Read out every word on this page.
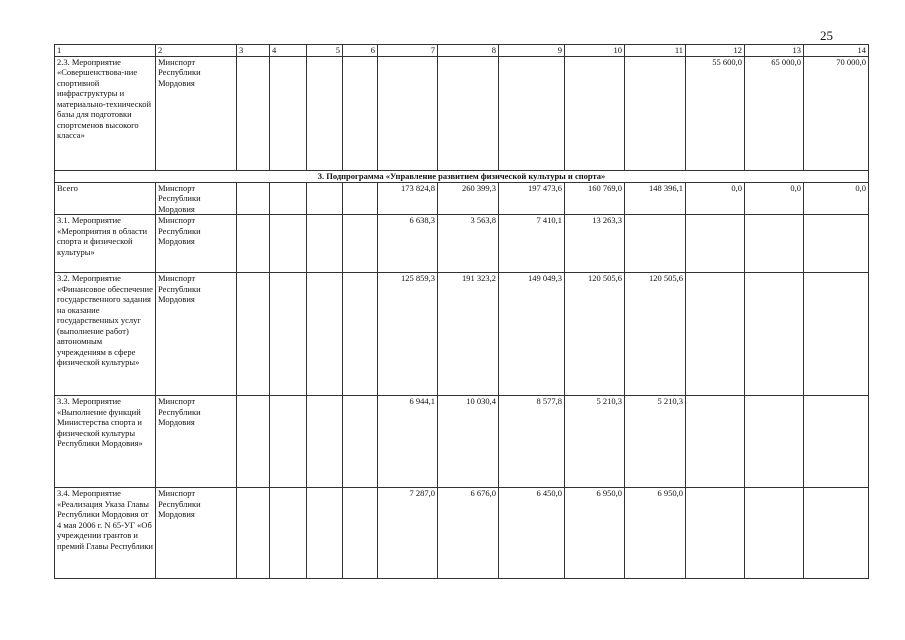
25
1	2	3	4	5	6	7	8	9	10	11	12	13	14
2.3. Мероприятие «Совершенствова-ние спортивной инфраструктуры и материально-технической базы для подготовки спортсменов высокого класса»	Минспорт Республики Мордовия										55 600,0	65 000,0	70 000,0
3. Подпрограмма «Управление развитием физической культуры и спорта»													
Всего	Минспорт Республики Мордовия					173 824,8	260 399,3	197 473,6	160 769,0	148 396,1	0,0	0,0	0,0
3.1. Мероприятие «Мероприятия в области спорта и физической культуры»	Минспорт Республики Мордовия					6 638,3	3 563,8	7 410,1	13 263,3				
3.2. Мероприятие «Финансовое обеспечение государственного задания на оказание государственных услуг (выполнение работ) автономным учреждениям в сфере физической культуры»	Минспорт Республики Мордовия					125 859,3	191 323,2	149 049,3	120 505,6	120 505,6			
3.3. Мероприятие «Выполнение функций Министерства спорта и физической культуры Республики Мордовия»	Минспорт Республики Мордовия					6 944,1	10 030,4	8 577,8	5 210,3	5 210,3			
3.4. Мероприятие «Реализация Указа Главы Республики Мордовия от 4 мая 2006 г. N 65-УГ «Об учреждении грантов и премий Главы Республики	Минспорт Республики Мордовия					7 287,0	6 676,0	6 450,0	6 950,0	6 950,0			
